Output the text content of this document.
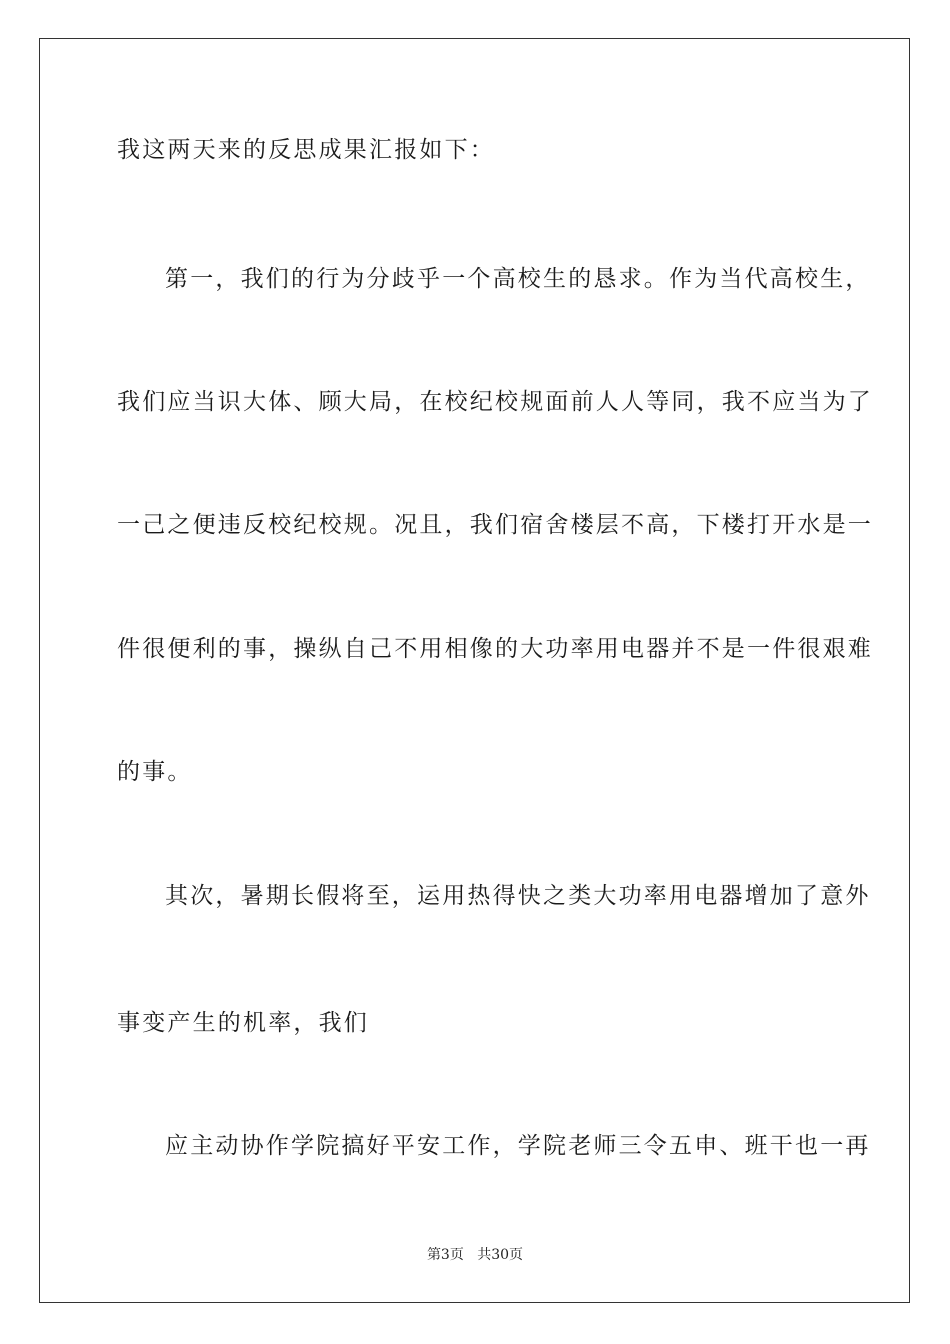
我这两天来的反思成果汇报如下：
第一，我们的行为分歧乎一个高校生的恳求。作为当代高校生，
我们应当识大体、顾大局，在校纪校规面前人人等同，我不应当为了
一己之便违反校纪校规。况且，我们宿舍楼层不高，下楼打开水是一
件很便利的事，操纵自己不用相像的大功率用电器并不是一件很艰难
的事。
其次，暑期长假将至，运用热得快之类大功率用电器增加了意外
事变产生的机率，我们
应主动协作学院搞好平安工作，学院老师三令五申、班干也一再
第3页 共30页
